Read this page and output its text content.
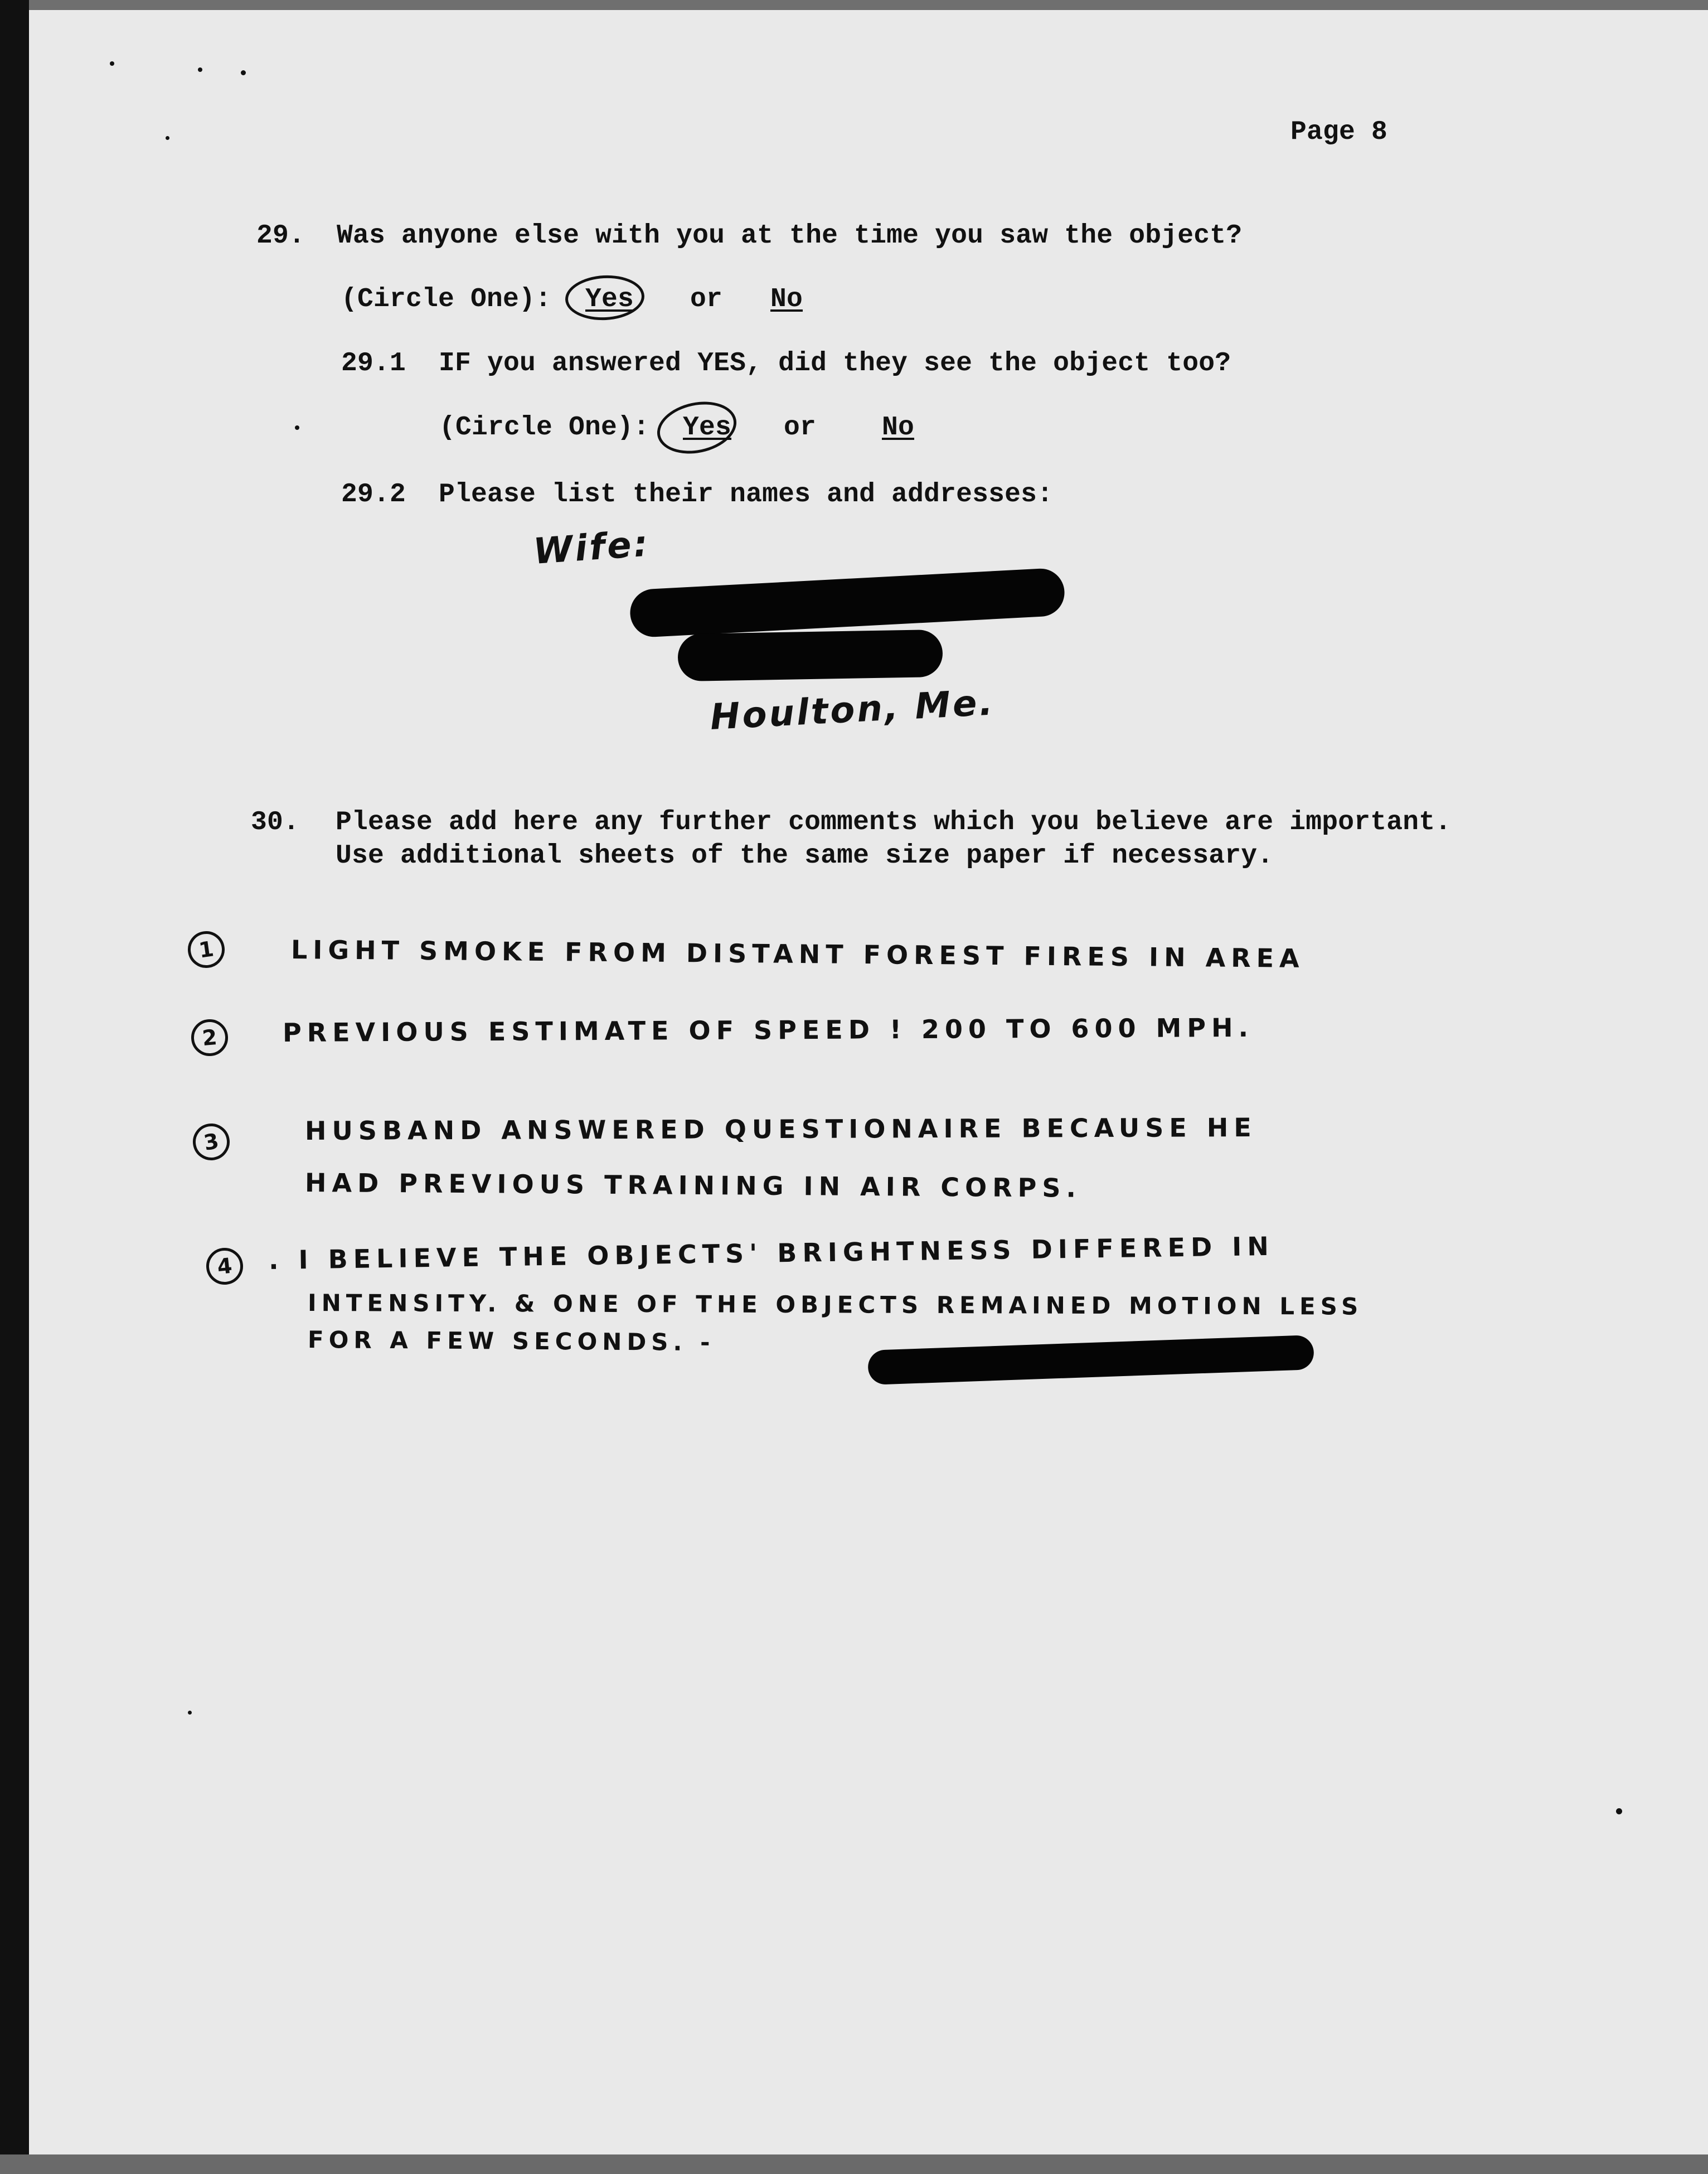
Page 8
29. Was anyone else with you at the time you saw the object?
(Circle One): Yes or No
29.1 IF you answered YES, did they see the object too?
(Circle One): Yes or No
29.2 Please list their names and addresses:
Wife:
Houlton, Me.
30. Please add here any further comments which you believe are important.
Use additional sheets of the same size paper if necessary.
1	LIGHT SMOKE FROM DISTANT FOREST FIRES IN AREA
2	PREVIOUS ESTIMATE OF SPEED ! 200 TO 600 MPH.
3	HUSBAND ANSWERED QUESTIONAIRE BECAUSE HE
HAD PREVIOUS TRAINING IN AIR CORPS.
4	. I BELIEVE THE OBJECTS' BRIGHTNESS DIFFERED IN
INTENSITY. & ONE OF THE OBJECTS REMAINED MOTION LESS
FOR A FEW SECONDS. -
